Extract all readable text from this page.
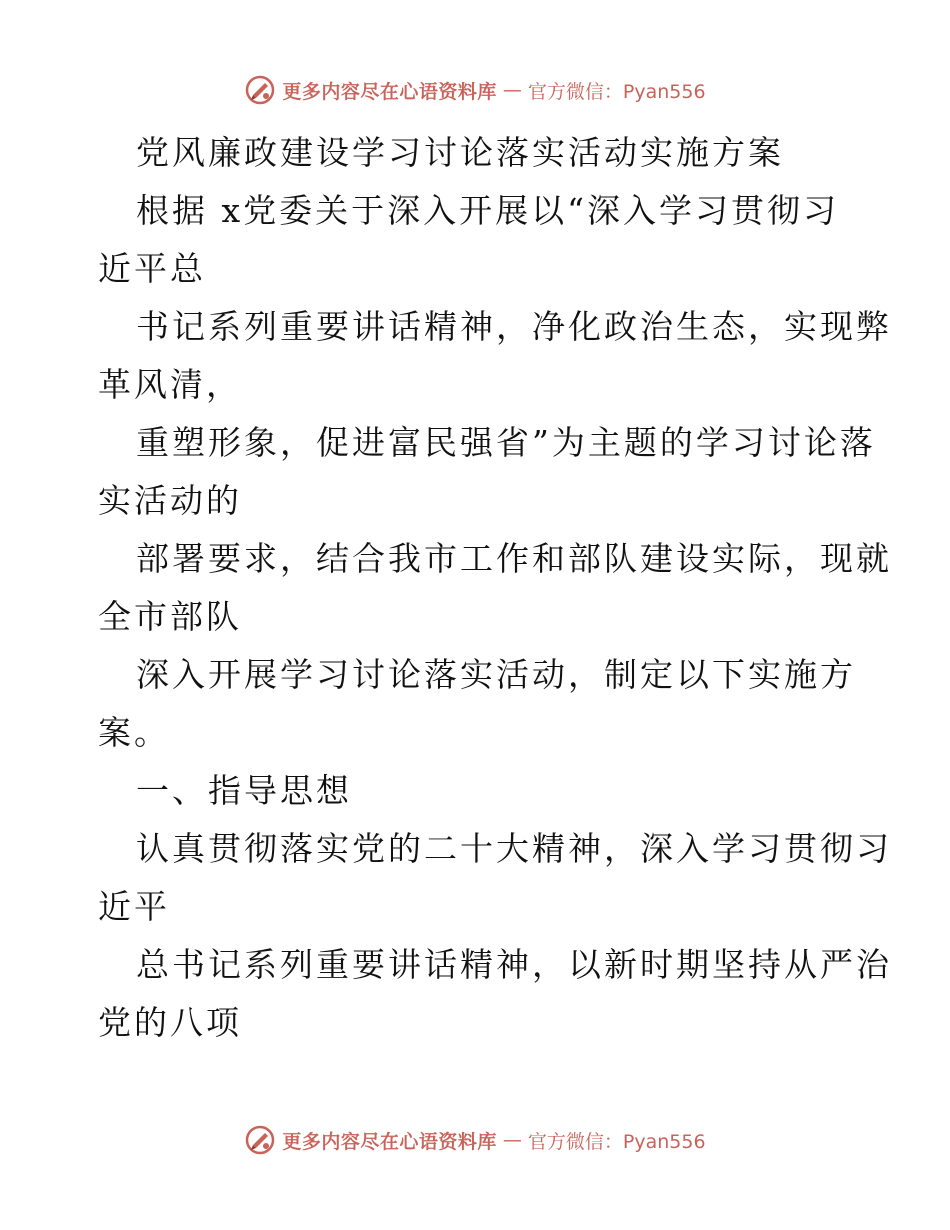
更多内容尽在心语资料库 — 官方微信：Pyan556
党风廉政建设学习讨论落实活动实施方案
根据 x党委关于深入开展以“深入学习贯彻习
近平总
书记系列重要讲话精神，净化政治生态，实现弊
革风清，
重塑形象，促进富民强省”为主题的学习讨论落
实活动的
部署要求，结合我市工作和部队建设实际，现就
全市部队
深入开展学习讨论落实活动，制定以下实施方
案。
一、指导思想
认真贯彻落实党的二十大精神，深入学习贯彻习
近平
总书记系列重要讲话精神，以新时期坚持从严治
党的八项
更多内容尽在心语资料库 — 官方微信：Pyan556
